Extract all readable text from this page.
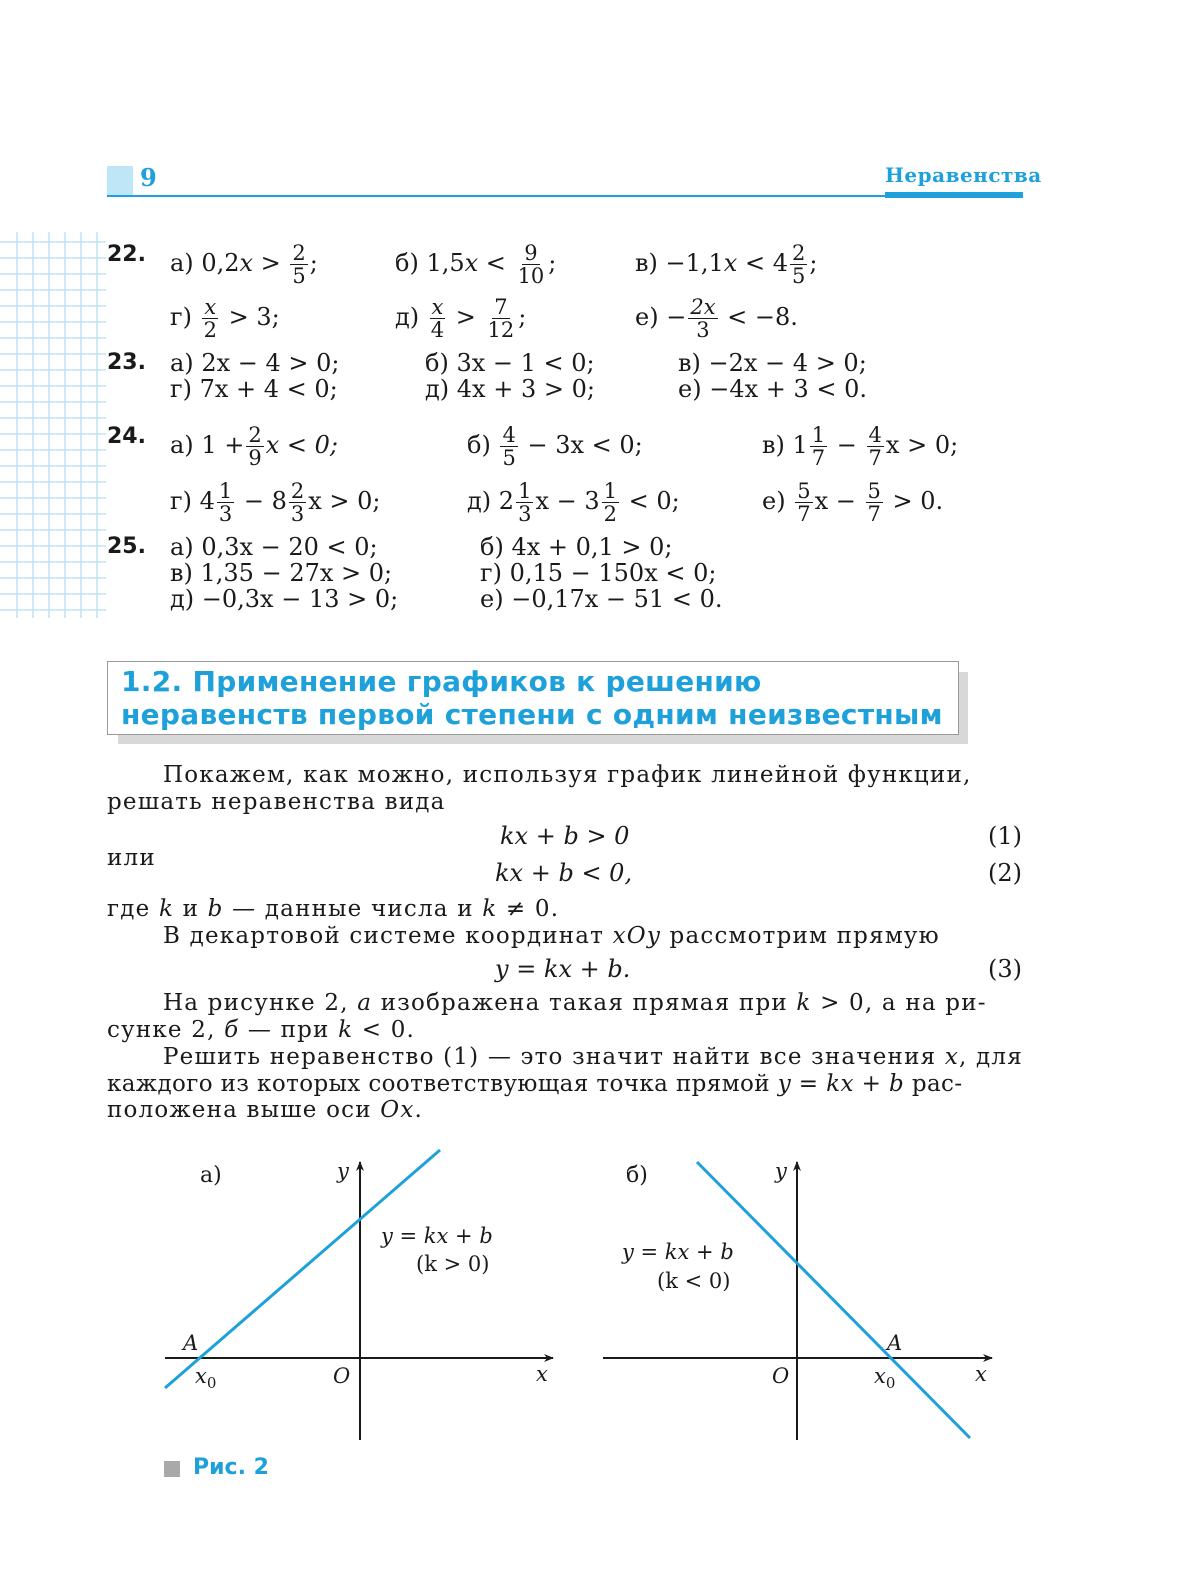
9	Неравенства
22. а) $0,2x > \frac{2}{5}$ ;	б) $1,5x < \frac{9}{10}$ ;	$в) -1,1x < 4 \frac{2}{5}$ ;
$г) \frac{x}{2} > 3$;	$д) \frac{x}{4} > \frac{7}{12}$ ;	$е) - \frac{2x}{3} < -8$.
23. а) 2x − 4 > 0;	б) 3x − 1 < 0;	в) −2x − 4 > 0;
г) 7x + 4 < 0;	д) 4x + 3 > 0;	е) −4x + 3 < 0.
24. а) $1 + \frac{2}{9}$ x < 0;	$б) \frac{4}{5} - 3x < 0$;	в) $1 \frac{1}{7} - \frac{4}{7}$ x > 0;
г) $4 \frac{1}{3} - 8 \frac{2}{3}$ x > 0;	д) $2 \frac{1}{3}$ $x - 3 \frac{1}{2} < 0$;	$е) \frac{5}{7}$ $x - \frac{5}{7} > 0$.
25. а) 0,3x − 20 < 0;	б) 4x + 0,1 > 0;
в) 1,35 − 27x > 0;	г) 0,15 − 150x < 0;
д) −0,3x − 13 > 0;	е) −0,17x − 51 < 0.
1.2. Применение графиков к решению
неравенств первой степени с одним неизвестным
Покажем, как можно, используя график линейной функции,
решать неравенства вида
kx + b > 0	(1)
или
kx + b < 0,	(2)
где k и b — данные числа и k ≠ 0.
В декартовой системе координат xOy рассмотрим прямую
y = kx + b.	(3)
На рисунке 2, а изображена такая прямая при k > 0, а на ри-
сунке 2, б — при k < 0.
Решить неравенство (1) — это значит найти все значения x, для
каждого из которых соответствующая точка прямой y = kx + b рас-
положена выше оси Ox.
а)	y
x
O
A
$x_0$
y = kx + b
(k > 0)
б)	y
x
O
A
$x_0$
y = kx + b
(k < 0)
Рис. 2
